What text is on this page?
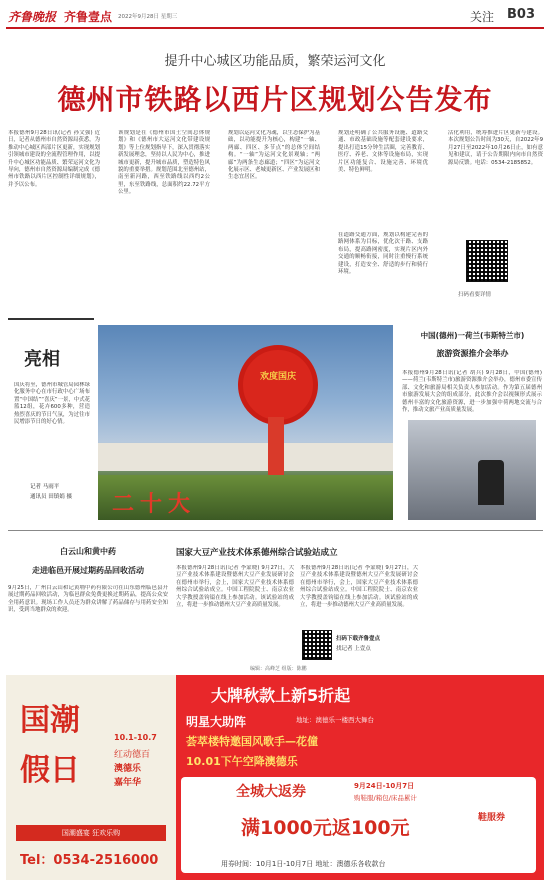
齐鲁晚报 齐鲁壹点 2022年9月28日 星期三	关注 B03
提升中心城区功能品质，繁荣运河文化
德州市铁路以西片区规划公告发布
本报德州9月28日讯(记者 孙文强) 近日，记者从德州市自然资源局获悉，为推动中心城区西部片区更新，实现规划引领城市建设的全流程管理作用，以提升中心城区功能品质、繁荣运河文化为导向，德州市自然资源局编制完成《德州市铁路以西片区控制性详细规划》，并予以公布。
该规划是在《德州市国土空间总体规划》和《德州市大运河文化带建设规划》等上位规划指导下，深入贯彻落实新发展理念，坚持以人民为中心，推进城市更新，提升城市品质，塑造特色风貌的重要举措。规划范围北至德州站，南至新河路，西至铁路线以西约2公里，东至铁路线，总面积约22.72平方公里。
规划以运河文化为魂，以生态保护为基础，以功能提升为核心，构建“一轴、两廊、四区、多节点”的总体空间结构。“一轴”为运河文化景观轴；“两廊”为两条生态廊道；“四区”为运河文化展示区、老城更新区、产业发展区和生态宜居区。
规划还明确了公共服务设施、道路交通、市政基础设施等配套建设要求，提出打造15分钟生活圈，完善教育、医疗、养老、文体等设施布局，实现片区功能复合、设施完善、环境优美、特色鲜明。
在道路交通方面，规划以构建完善的路网体系为目标，优化次干路、支路布局，提高路网密度，实现片区内外交通的顺畅衔接，同时注重慢行系统建设，打造安全、舒适的步行和骑行环境。
活化利用，统筹推进片区更新与建设。本次规划公告时间为30天，自2022年9月27日至2022年10月26日止，如有意见和建议，请于公告期限内向市自然资源局反馈。电话：0534-2185852。
扫码看要详情
亮相
国庆将至，德州市城管局园林绿化服务中心在市行政中心广场布置“中国结”“喜庆”一景，中式花篮12组，花卉600多种，营造热烈喜庆的节日气氛，为过往市民增添节日的好心情。
记者 马雨平
通讯员 田镇娟 摄
欢度国庆
二十大
中国(德州)一荷兰(韦斯特兰市)
旅游资源推介会举办
本报德州9月28日讯(记者 胡兵) 9月28日，中国(德州)——荷兰(韦斯特兰市)旅游资源推介会举办，德州市委宣传部、文化和旅游局相关负责人参加活动。作为第五届德州市旅游发展大会的组成部分，此次推介会以视频形式展示德州丰富的文化旅游资源，进一步加强中荷两地交流与合作，推动文旅产业高质量发展。
白云山和黄中药
走进临邑开展过期药品回收活动
9月25日，广州白云山和记黄埔中药有限公司在山东德州临邑县开展过期药品回收活动，为临邑群众免费更换过期药品，提高公众安全用药意识。现场工作人员还为群众讲解了药品储存与用药安全知识，受到当地群众的欢迎。
国家大豆产业技术体系德州综合试验站成立
本报德州9月28日讯(记者 李蒙晓) 9月27日，大豆产业技术体系建设暨德州大豆产业发展研讨会在德州市举行，会上，国家大豆产业技术体系德州综合试验站成立。中国工程院院士、南京农业大学教授盖钧镒在线上参加活动。该试验站的成立，将进一步推动德州大豆产业高质量发展。
本报德州9月28日讯(记者 李蒙晓) 9月27日，大豆产业技术体系建设暨德州大豆产业发展研讨会在德州市举行，会上，国家大豆产业技术体系德州综合试验站成立。中国工程院院士、南京农业大学教授盖钧镒在线上参加活动。该试验站的成立，将进一步推动德州大豆产业高质量发展。
扫码下载齐鲁壹点
找记者 上壹点
编辑：高峰芝 组版：陈鹏
国潮
假日
10.1-10.7
红动德百
澳德乐
嘉年华
国潮盛宴 狂欢乐购
Tel：0534-2516000
大牌秋款上新5折起
明星大助阵	地址：澳德乐一楼西大舞台
荟萃楼特邀国风歌手—花僮
10.01下午空降澳德乐
全城大返券	9月24日-10月7日
购鞋服/箱包/床品累计
满1000元返100元	鞋服券
用券时间：10月1日-10月7日 地址：澳德乐各收款台
